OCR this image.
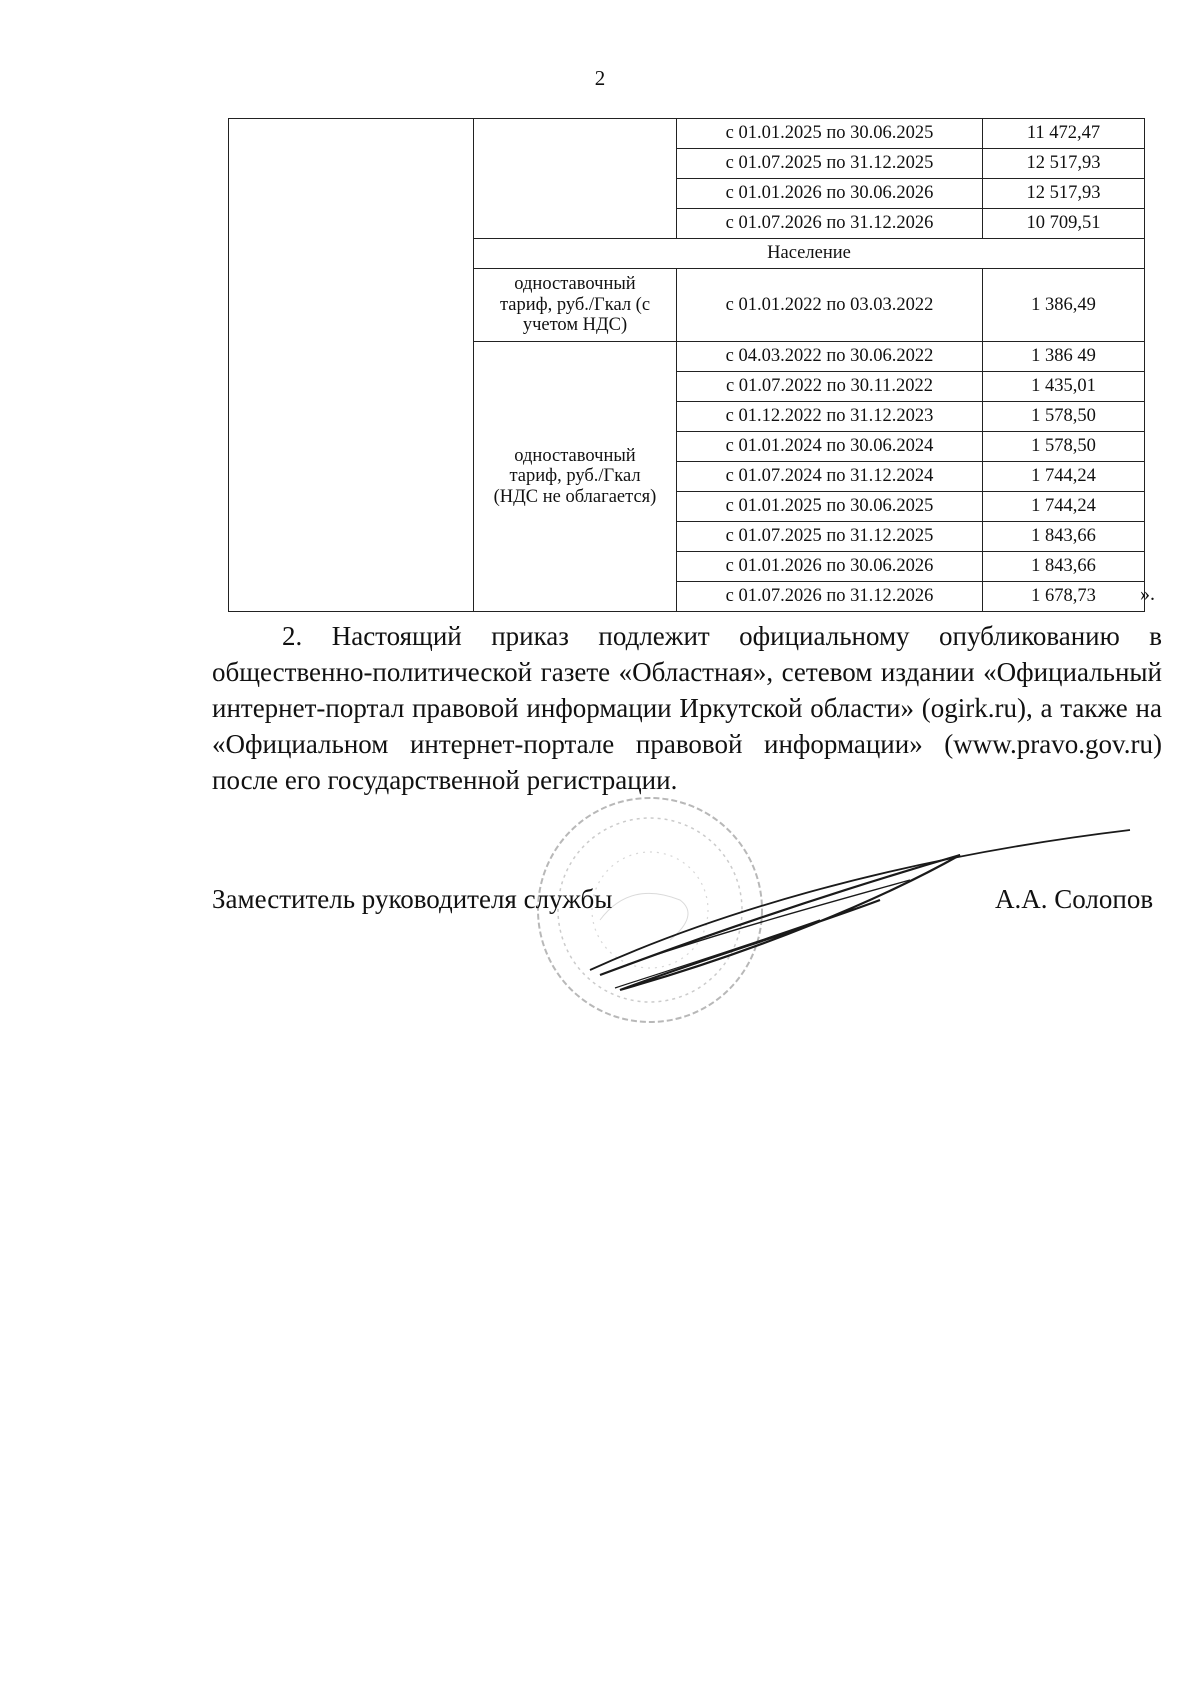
2
		с 01.01.2025 по 30.06.2025	11 472,47
		с 01.07.2025 по 31.12.2025	12 517,93
		с 01.01.2026 по 30.06.2026	12 517,93
		с 01.07.2026 по 31.12.2026	10 709,51
	Население		
	одноставочный тариф, руб./Гкал (с учетом НДС)	с 01.01.2022 по 03.03.2022	1 386,49
	одноставочный тариф, руб./Гкал (НДС не облагается)	с 04.03.2022 по 30.06.2022	1 386 49
		с 01.07.2022 по 30.11.2022	1 435,01
		с 01.12.2022 по 31.12.2023	1 578,50
		с 01.01.2024 по 30.06.2024	1 578,50
		с 01.07.2024 по 31.12.2024	1 744,24
		с 01.01.2025 по 30.06.2025	1 744,24
		с 01.07.2025 по 31.12.2025	1 843,66
		с 01.01.2026 по 30.06.2026	1 843,66
		с 01.07.2026 по 31.12.2026	1 678,73 ».
2. Настоящий приказ подлежит официальному опубликованию в общественно-политической газете «Областная», сетевом издании «Официальный интернет-портал правовой информации Иркутской области» (ogirk.ru), а также на «Официальном интернет-портале правовой информации» (www.pravo.gov.ru) после его государственной регистрации.
Заместитель руководителя службы	А.А. Солопов
